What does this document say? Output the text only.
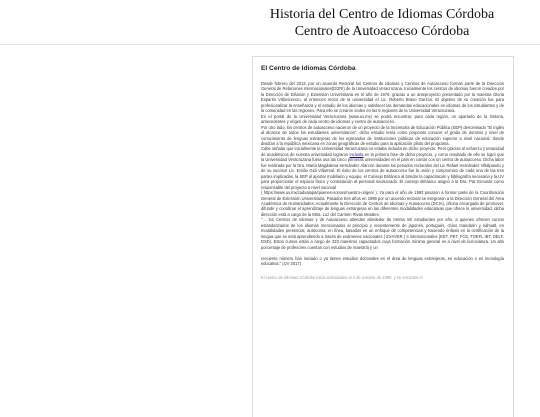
Historia del Centro de Idiomas Córdoba
Centro de Autoacceso Córdoba
El Centro de Idiomas Córdoba

Desde febrero del 2013, por un acuerdo Rectoral los Centros de Idiomas y Centros de Autoacceso forman parte de la Dirección General de Relaciones Internacionales(DGRI) de la Universidad Veracruzana. Inicialmente los centros de idiomas fueron creados por la Dirección de Difusión y Extensión Universitaria en el año de 1976, gracias a un anteproyecto presentado por la maestra Gloria Espartin Villavicencio, al entonces rector de la universidad el Lic. Roberto Bravo Garzón. El objetivo de su creación fue para profesionalizar la enseñanza y el estudio de los idiomas y satisfacer las demandas educacionales en idiomas de los estudiantes y de la comunidad en las regiones. Para ello se crearon sedes en las 5 regiones de la Universidad Veracruzana.

En el portal de la Universidad Veracruzana (www.uv.mx) se podrá encontrar, para cada región, un apartado de la historia, antecedentes y origen de cada centro de idiomas y centro de autoacceso.

Por otro lado, los centros de autoacceso nacieron de un proyecto de la Secretaría de Educación Pública (SEP) denominado "El inglés al alcance de todos los estudiantes universitarios", dicho estudio tenía como propósito conocer el grado de dominio y nivel de conocimiento de lenguas extranjeras de los egresados de instituciones públicas de educación superior a nivel nacional; donde dividían a la república mexicana en zonas geográficas de estudio para la aplicación piloto del programa.

Cabe señalar que inicialmente la Universidad Veracruzana no estaba incluida en dicho proyecto. Pero gracias al esfuerzo y tenacidad de académicos de nuestra universidad lograron incluirla en la primera fase de dicho proyecto, y como resultado de ello se logró que la Universidad Veracruzana fuera una las cinco primeras universidades en el país en contar con un centro de autoacceso. Dicha labor fue realizada por la Dra. María Magdalena Hernández Alarcón durante los periodos rectorales del Lic Rafael Hernández Villalpando y de su sucesor Lic. Emilio Gidi Villarreal. El éxito de los centros de autoacceso fue la unión y compromiso de cada una de las tres partes implicadas, la SEP al aportar mobiliario y equipo, el Consejo Británico al brindar la capacitación y bibliografía necesaria y la UV para proporcionar el espacio físico y contratación al personal involucrado. El consejo Británico asignó a la Dra. Pat Grounds como responsable del proyecto a nivel nacional

( https://www.uv.mx/cadxalapa/quienes-somos/nuestro-origen/ ). Ya para el año de 1993 pasaron a formar parte de la Coordinación General de Extensión Universitaria. Pasados tres años en 1996 por un acuerdo rectoral se integraron a la Dirección General del Área Académica de Humanidades. Actualmente la Dirección de Centros de Idiomas y Autoacceso (DCIA), oficina encargada de promover, difundir y coordinar el aprendizaje de lenguas extranjeras en las diferentes modalidades educativas que ofrece la universidad, dicha dirección está a cargo de la Mtra. Luz del Carmen Rivas Morales.

"… los Centros de Idiomas y de Autoacceso atienden alrededor de treinta mil estudiantes por año, a quienes ofrecen cursos estandarizados de los idiomas mencionados al principio y recientemente de japonés, portugués, chino mandarín y náhuatl, en modalidades presencial, autónoma, en línea, basados en un enfoque de competencias y haciendo énfasis en la certificación de la lengua que se está aprendiendo a través de exámenes nacionales ( EXAVER ) e internacionales (KET, PET, FCE, TOEFL IBT, DELF, DSD). Estos cursos están a cargo de 333 maestros capacitados cuya formación mínima general es a nivel de licenciatura. Un alto porcentaje de profesores cuentan con estudios de maestría y un

creciente número han iniciado o ya tienen estudios doctorales en el área de lenguas extranjeras, en educación o en tecnología educativa." (UV 2017)

El centro de Idiomas Córdoba inicia actividades el 4 de octubre de 1990, y se encontró el
